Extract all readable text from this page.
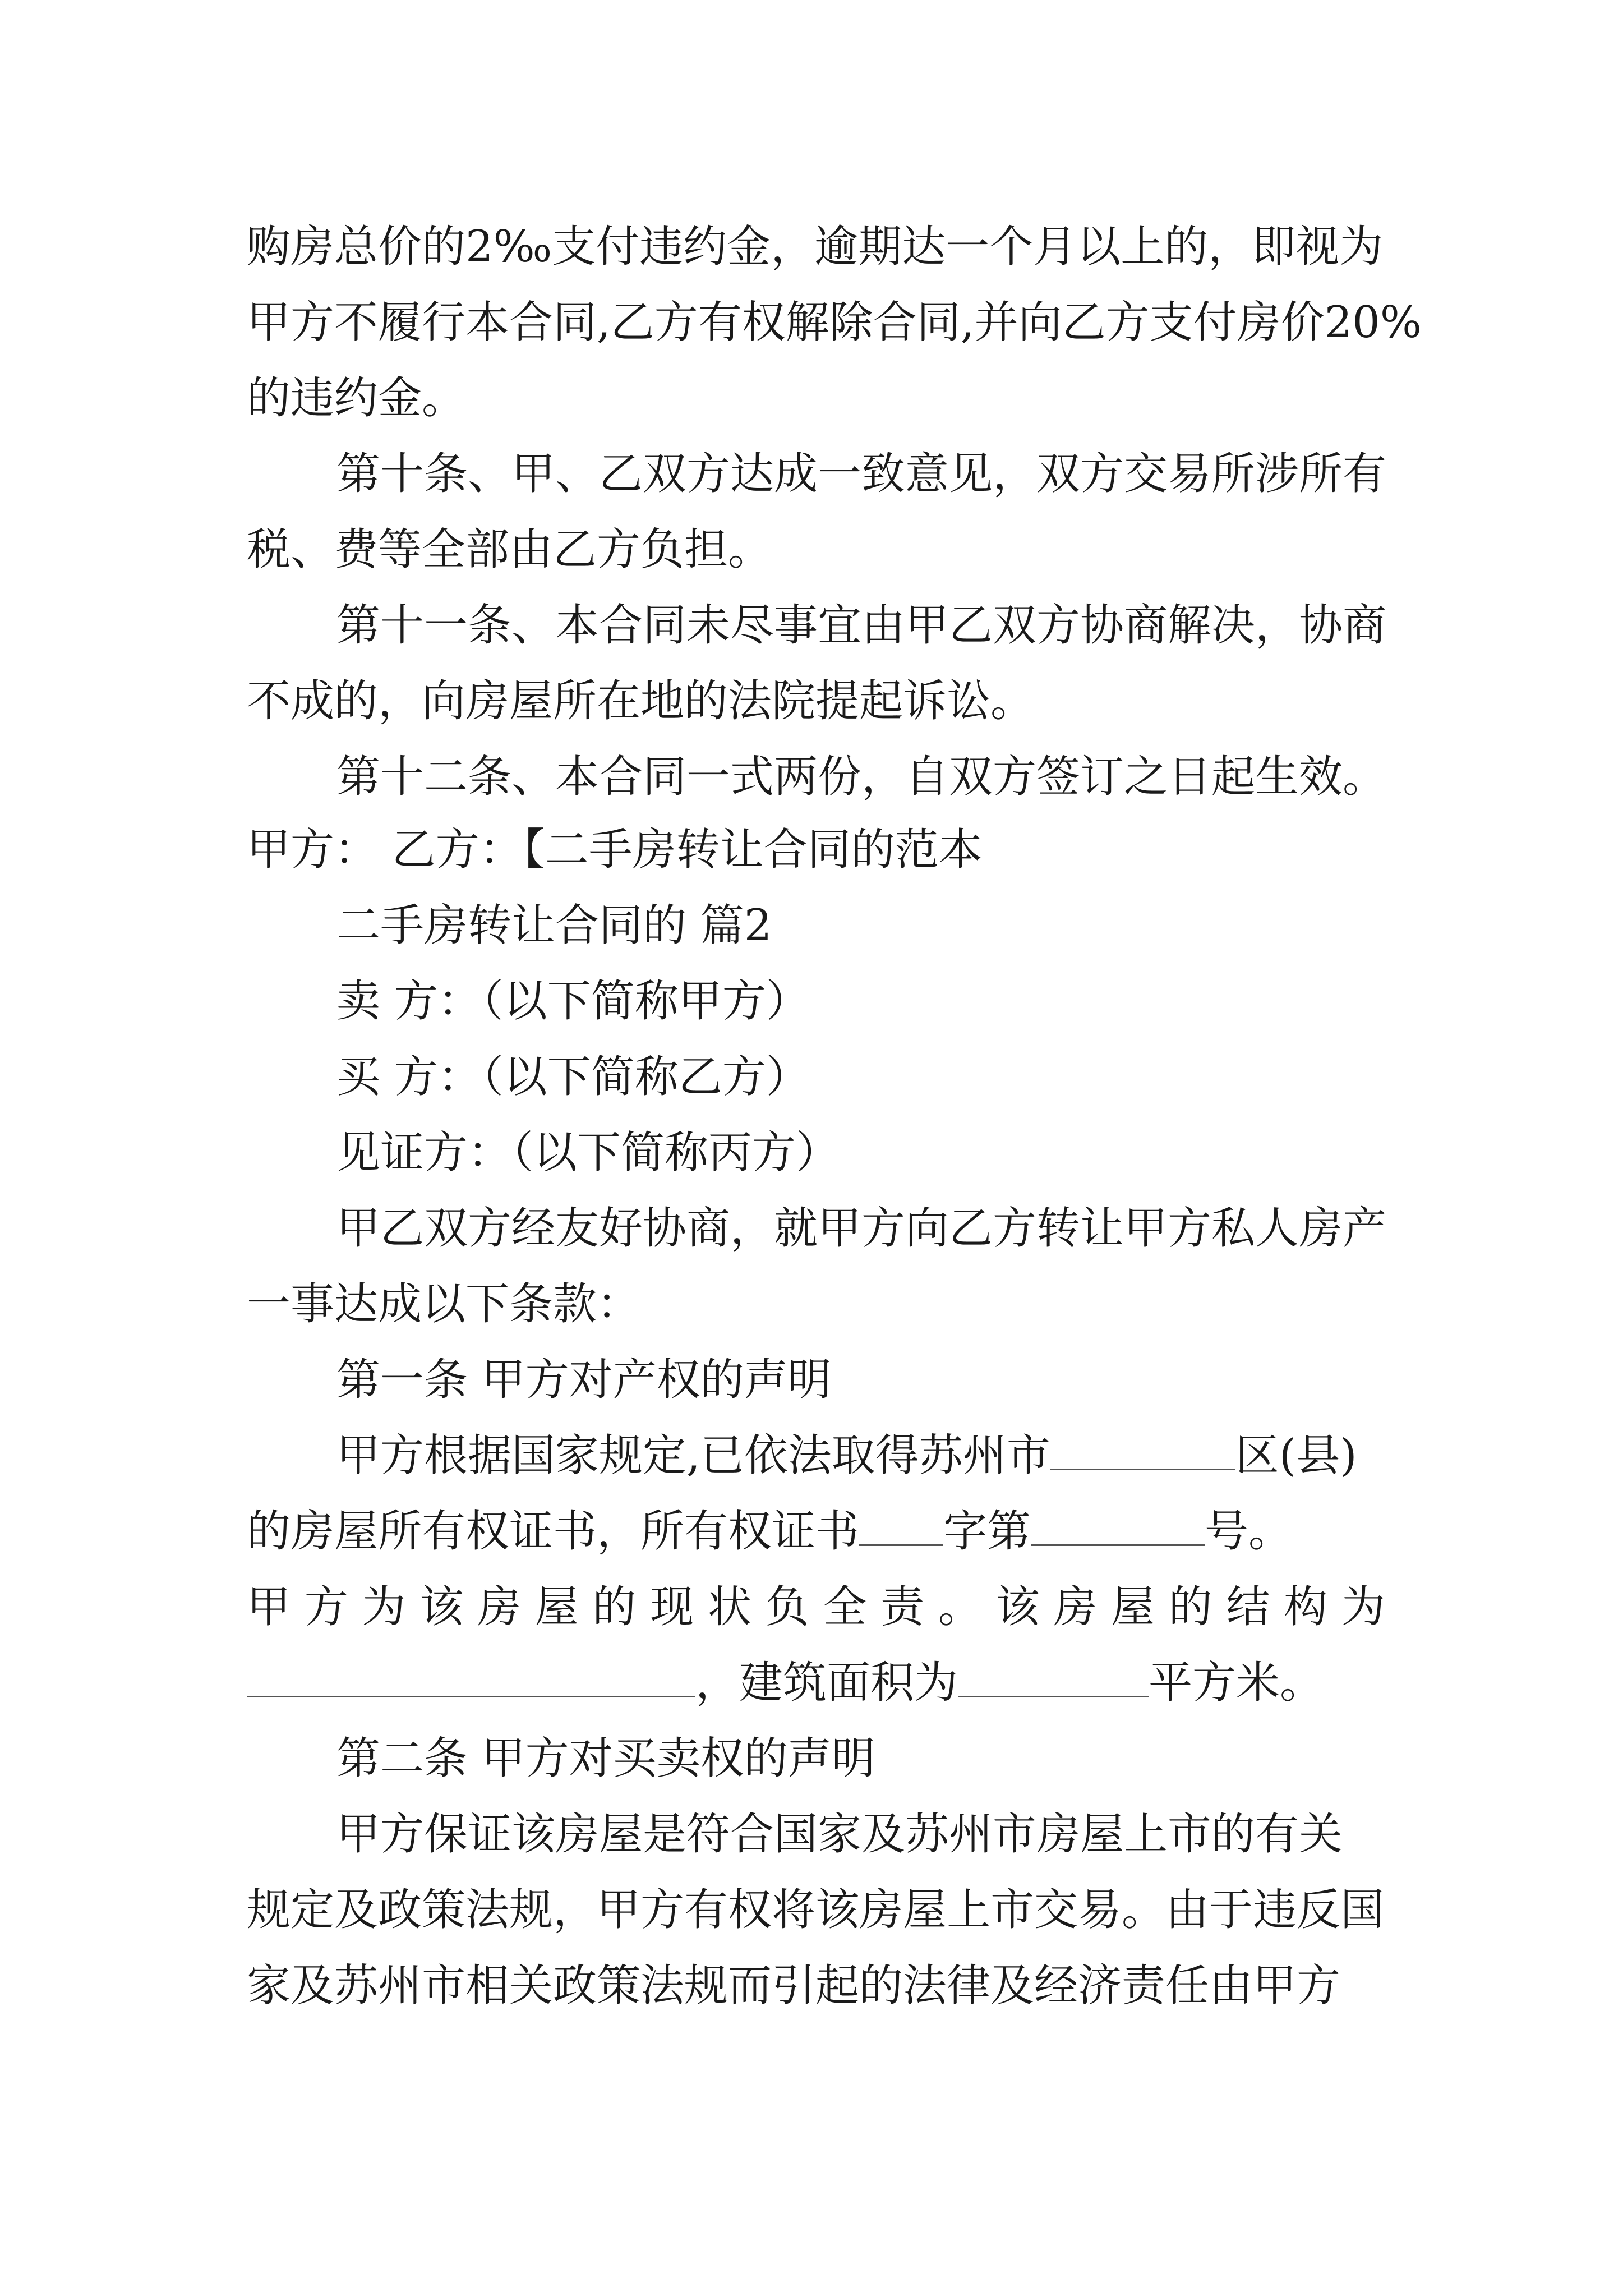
购房总价的2‰支付违约金，逾期达一个月以上的，即视为
甲方不履行本合同,乙方有权解除合同,并向乙方支付房价20%
的违约金。
第十条、甲、乙双方达成一致意见，双方交易所涉所有
税、费等全部由乙方负担。
第十一条、本合同未尽事宜由甲乙双方协商解决，协商
不成的，向房屋所在地的法院提起诉讼。
第十二条、本合同一式两份，自双方签订之日起生效。
甲方： 乙方：【二手房转让合同的范本
二手房转让合同的 篇2
卖 方：（以下简称甲方）
买 方：（以下简称乙方）
见证方：（以下简称丙方）
甲乙双方经友好协商，就甲方向乙方转让甲方私人房产
一事达成以下条款：
第一条 甲方对产权的声明
甲方根据国家规定,已依法取得苏州市	区(县)
的房屋所有权证书，所有权证书 字第	号。
甲 方 为 该 房 屋 的 现 状 负 全 责 。 该 房 屋 的 结 构 为
，建筑面积为	平方米。
第二条 甲方对买卖权的声明
甲方保证该房屋是符合国家及苏州市房屋上市的有关
规定及政策法规，甲方有权将该房屋上市交易。由于违反国
家及苏州市相关政策法规而引起的法律及经济责任由甲方
